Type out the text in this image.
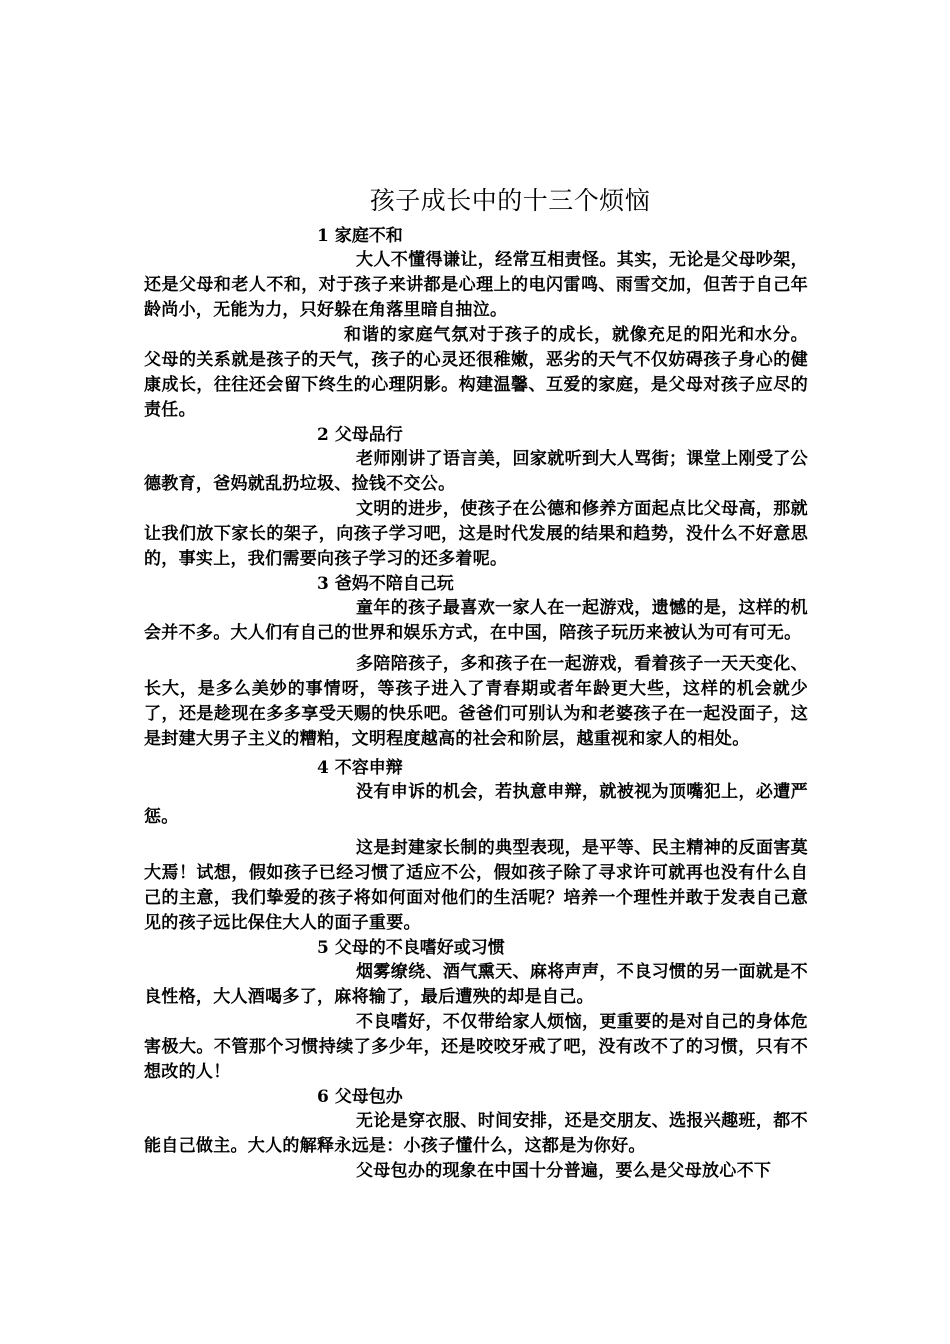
孩子成长中的十三个烦恼

1 家庭不和

大人不懂得谦让，经常互相责怪。其实，无论是父母吵架，还是父母和老人不和，对于孩子来讲都是心理上的电闪雷鸣、雨雪交加，但苦于自己年龄尚小，无能为力，只好躲在角落里暗自抽泣。

和谐的家庭气氛对于孩子的成长，就像充足的阳光和水分。父母的关系就是孩子的天气，孩子的心灵还很稚嫩，恶劣的天气不仅妨碍孩子身心的健康成长，往往还会留下终生的心理阴影。构建温馨、互爱的家庭，是父母对孩子应尽的责任。

2 父母品行

老师刚讲了语言美，回家就听到大人骂街；课堂上刚受了公德教育，爸妈就乱扔垃圾、捡钱不交公。

文明的进步，使孩子在公德和修养方面起点比父母高，那就让我们放下家长的架子，向孩子学习吧，这是时代发展的结果和趋势，没什么不好意思的，事实上，我们需要向孩子学习的还多着呢。

3 爸妈不陪自己玩

童年的孩子最喜欢一家人在一起游戏，遗憾的是，这样的机会并不多。大人们有自己的世界和娱乐方式，在中国，陪孩子玩历来被认为可有可无。

多陪陪孩子，多和孩子在一起游戏，看着孩子一天天变化、长大，是多么美妙的事情呀，等孩子进入了青春期或者年龄更大些，这样的机会就少了，还是趁现在多多享受天赐的快乐吧。爸爸们可别认为和老婆孩子在一起没面子，这是封建大男子主义的糟粕，文明程度越高的社会和阶层，越重视和家人的相处。

4 不容申辩

没有申诉的机会，若执意申辩，就被视为顶嘴犯上，必遭严惩。

这是封建家长制的典型表现，是平等、民主精神的反面害莫大焉！试想，假如孩子已经习惯了适应不公，假如孩子除了寻求许可就再也没有什么自己的主意，我们挚爱的孩子将如何面对他们的生活呢？培养一个理性并敢于发表自己意见的孩子远比保住大人的面子重要。

5 父母的不良嗜好或习惯

烟雾缭绕、酒气熏天、麻将声声，不良习惯的另一面就是不良性格，大人酒喝多了，麻将输了，最后遭殃的却是自己。

不良嗜好，不仅带给家人烦恼，更重要的是对自己的身体危害极大。不管那个习惯持续了多少年，还是咬咬牙戒了吧，没有改不了的习惯，只有不想改的人！

6 父母包办

无论是穿衣服、时间安排，还是交朋友、选报兴趣班，都不能自己做主。大人的解释永远是：小孩子懂什么，这都是为你好。

父母包办的现象在中国十分普遍，要么是父母放心不下
